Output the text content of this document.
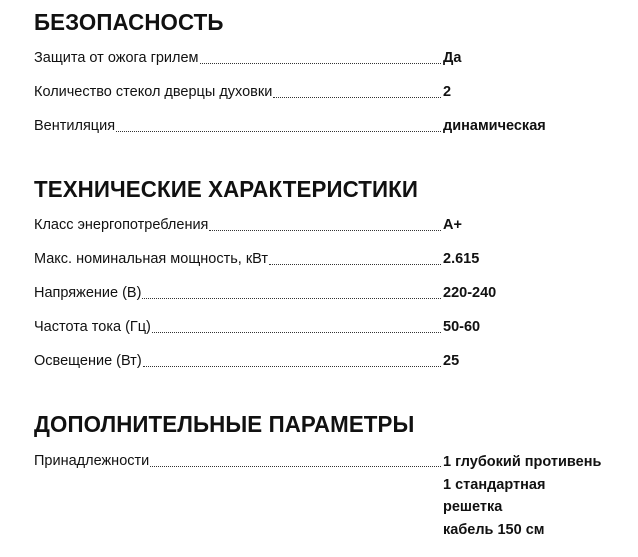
БЕЗОПАСНОСТЬ
Защита от ожога грилем	Да
Количество стекол дверцы духовки	2
Вентиляция	динамическая
ТЕХНИЧЕСКИЕ ХАРАКТЕРИСТИКИ
Класс энергопотребления	A+
Макс. номинальная мощность, кВт	2.615
Напряжение (В)	220-240
Частота тока (Гц)	50-60
Освещение (Вт)	25
ДОПОЛНИТЕЛЬНЫЕ ПАРАМЕТРЫ
Принадлежности	1 глубокий противень
1 стандартная
решетка
кабель 150 см
